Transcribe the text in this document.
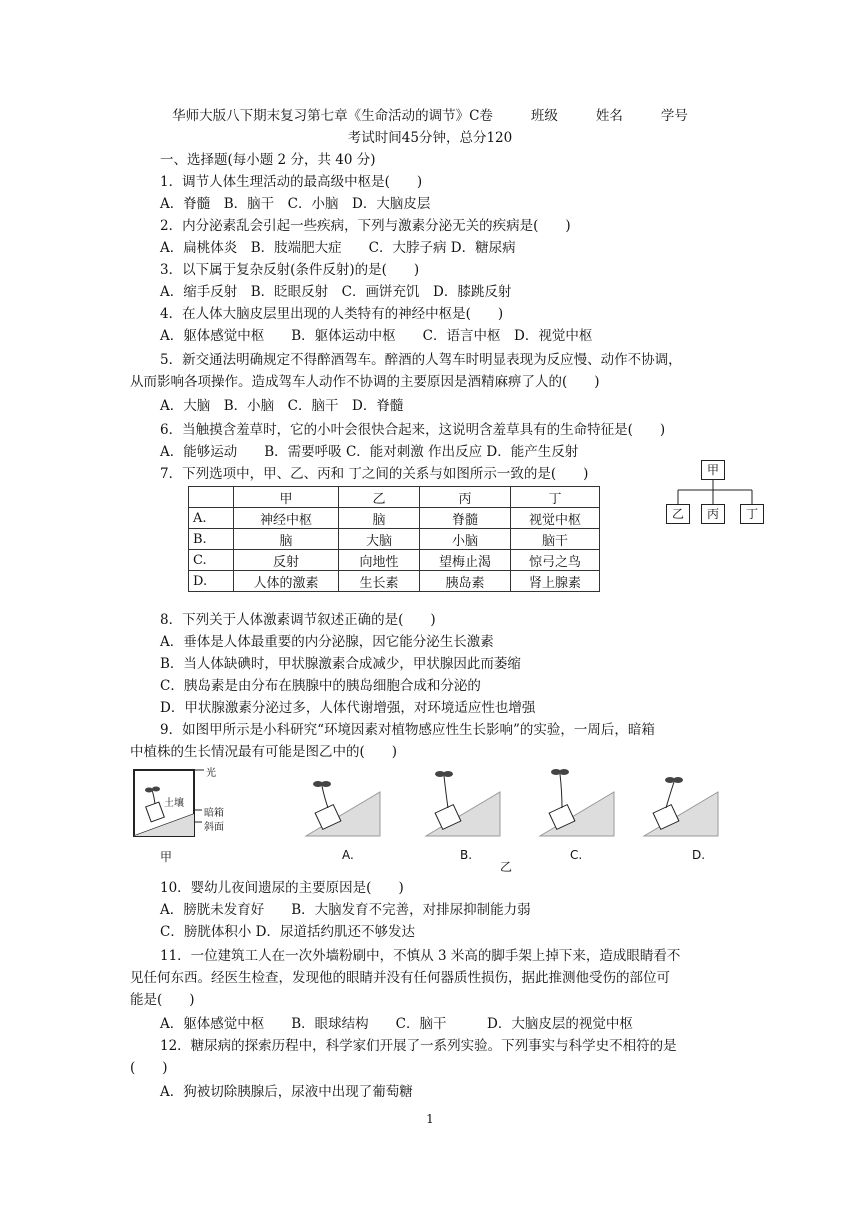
华师大版八下期末复习第七章《生命活动的调节》C卷	班级	姓名	学号
考试时间45分钟，总分120
一、选择题(每小题 2 分，共 40 分)
1．调节人体生理活动的最高级中枢是(　　)
A．脊髓　B．脑干　C．小脑　D．大脑皮层
2．内分泌素乱会引起一些疾病，下列与激素分泌无关的疾病是(　　)
A．扁桃体炎　B．肢端肥大症　　C．大脖子病 D．糖尿病
3．以下属于复杂反射(条件反射)的是(　　)
A．缩手反射　B．眨眼反射　C．画饼充饥　D．膝跳反射
4．在人体大脑皮层里出现的人类特有的神经中枢是(　　)
A．躯体感觉中枢　　B．躯体运动中枢　　C．语言中枢　D．视觉中枢
5．新交通法明确规定不得醉酒驾车。醉酒的人驾车时明显表现为反应慢、动作不协调，
从而影响各项操作。造成驾车人动作不协调的主要原因是酒精麻痹了人的(　　)
A．大脑　B．小脑　C．脑干　D．脊髓
6．当触摸含羞草时，它的小叶会很快合起来，这说明含羞草具有的生命特征是(　　)
A．能够运动　　B．需要呼吸 C．能对刺激 作出反应 D．能产生反射
7．下列选项中，甲、乙、丙和 丁之间的关系与如图所示一致的是(　　)
	甲	乙	丙	丁
A.	神经中枢	脑	脊髓	视觉中枢
B.	脑	大脑	小脑	脑干
C.	反射	向地性	望梅止渴	惊弓之鸟
D.	人体的激素	生长素	胰岛素	肾上腺素
甲
乙	丙	丁
8．下列关于人体激素调节叙述正确的是(　　)
A．垂体是人体最重要的内分泌腺，因它能分泌生长激素
B．当人体缺碘时，甲状腺激素合成减少，甲状腺因此而萎缩
C．胰岛素是由分布在胰腺中的胰岛细胞合成和分泌的
D．甲状腺激素分泌过多，人体代谢增强，对环境适应性也增强
9．如图甲所示是小科研究“环境因素对植物感应性生长影响”的实验，一周后，暗箱
中植株的生长情况最有可能是图乙中的(　　)
光
土壤
暗箱
斜面
甲	A.	B.	C.	D.
乙
10．婴幼儿夜间遗尿的主要原因是(　　)
A．膀胱未发育好　　B．大脑发育不完善，对排尿抑制能力弱
C．膀胱体积小 D．尿道括约肌还不够发达
11．一位建筑工人在一次外墙粉刷中，不慎从 3 米高的脚手架上掉下来，造成眼睛看不
见任何东西。经医生检查，发现他的眼睛并没有任何器质性损伤，据此推测他受伤的部位可
能是(　　)
A．躯体感觉中枢　　B．眼球结构　　C．脑干　　　D．大脑皮层的视觉中枢
12．糖尿病的探索历程中，科学家们开展了一系列实验。下列事实与科学史不相符的是
(　　)
A．狗被切除胰腺后，尿液中出现了葡萄糖
1
